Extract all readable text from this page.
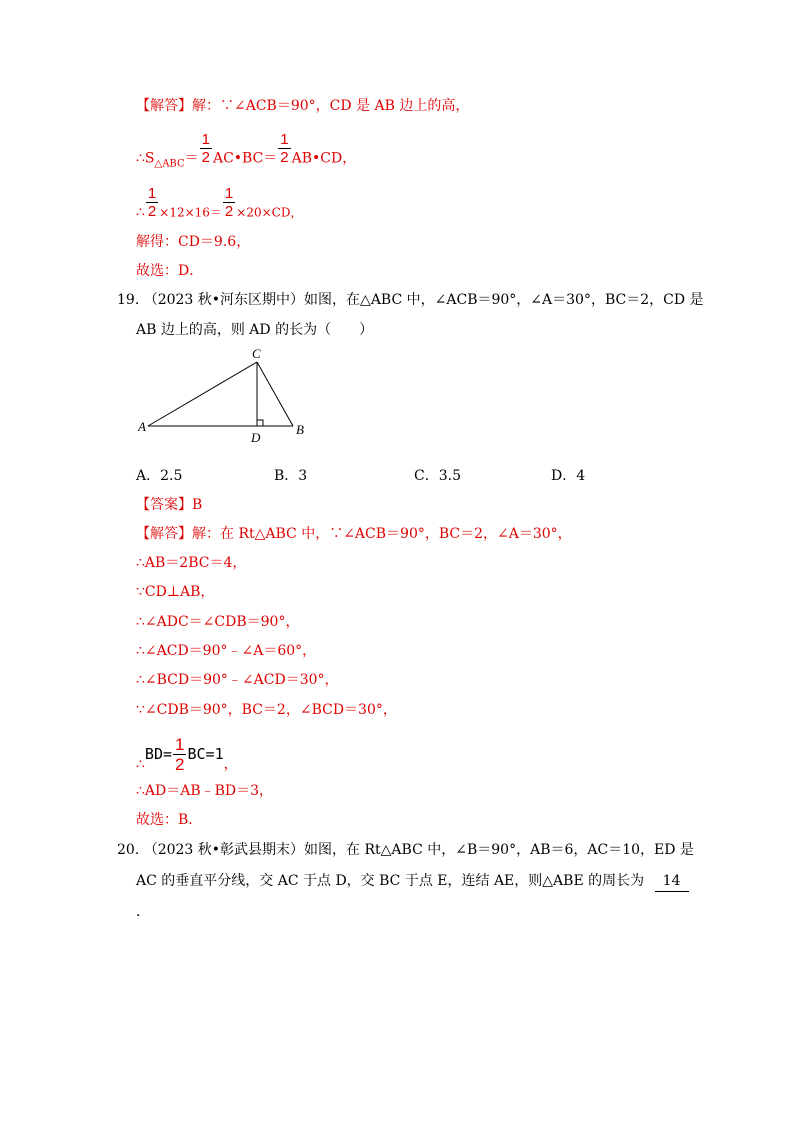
【解答】解：∵∠ACB＝90°，CD 是 AB 边上的高，
$\therefore S_{\triangle ABC}= \frac{1}{2}$ AC•BC＝ $\frac{1}{2}$ AB•CD，
∴ $\frac{1}{2} \times 12\times 16= \frac{1}{2} \times 20\times CD$，
解得：CD＝9.6，
故选：D．
19. （2023 秋•河东区期中）如图，在△ABC 中，∠ACB＝90°，∠A＝30°，BC＝2，CD 是
AB 边上的高，则 AD 的长为（　　）
A
C
D
B
A．2.5	B．3	C．3.5	D．4
【答案】B
【解答】解：在 Rt△ABC 中，∵∠ACB＝90°，BC＝2，∠A＝30°，
∴AB＝2BC＝4，
∵CD⊥AB，
∴∠ADC＝∠CDB＝90°，
∴∠ACD＝90°﹣∠A＝60°，
∴∠BCD＝90°﹣∠ACD＝30°，
∵∠CDB＝90°，BC＝2，∠BCD＝30°，
∴BD= $\frac{1}{2} BC=1$，
∴AD＝AB﹣BD＝3，
故选：B．
20. （2023 秋•彰武县期末）如图，在 Rt△ABC 中，∠B＝90°，AB＝6，AC＝10，ED 是
AC 的垂直平分线，交 AC 于点 D，交 BC 于点 E，连结 AE，则△ABE 的周长为 14
．
